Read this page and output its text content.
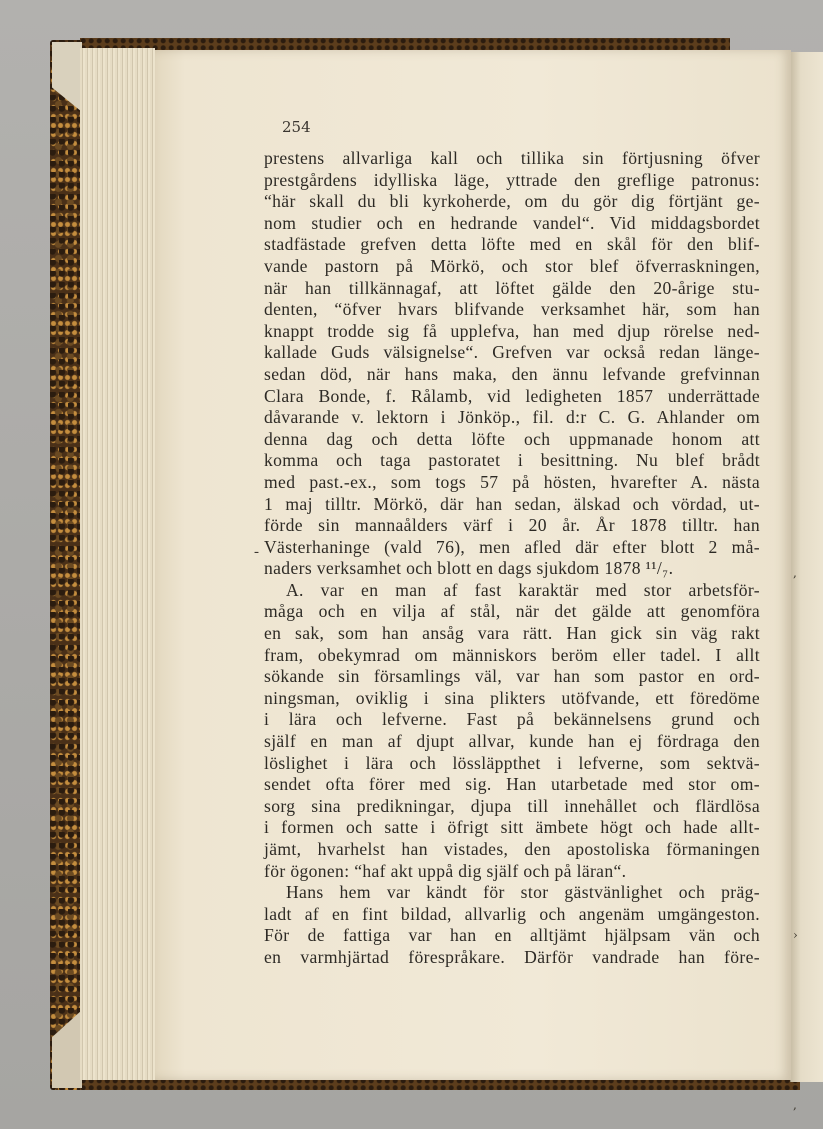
,
›
,
254
-
prestens allvarliga kall och tillika sin förtjusning öfver
prestgårdens idylliska läge, yttrade den greflige patronus:
“här skall du bli kyrkoherde, om du gör dig förtjänt ge-
nom studier och en hedrande vandel“. Vid middagsbordet
stadfästade grefven detta löfte med en skål för den blif-
vande pastorn på Mörkö, och stor blef öfverraskningen,
när han tillkännagaf, att löftet gälde den 20-årige stu-
denten, “öfver hvars blifvande verksamhet här, som han
knappt trodde sig få upplefva, han med djup rörelse ned-
kallade Guds välsignelse“. Grefven var också redan länge-
sedan död, när hans maka, den ännu lefvande grefvinnan
Clara Bonde, f. Rålamb, vid ledigheten 1857 underrättade
dåvarande v. lektorn i Jönköp., fil. d:r C. G. Ahlander om
denna dag och detta löfte och uppmanade honom att
komma och taga pastoratet i besittning. Nu blef brådt
med past.-ex., som togs 57 på hösten, hvarefter A. nästa
1 maj tilltr. Mörkö, där han sedan, älskad och vördad, ut-
förde sin mannaålders värf i 20 år. År 1878 tilltr. han
Västerhaninge (vald 76), men afled där efter blott 2 må-
naders verksamhet och blott en dags sjukdom 1878 ¹¹/₇.
A. var en man af fast karaktär med stor arbetsför-
måga och en vilja af stål, när det gälde att genomföra
en sak, som han ansåg vara rätt. Han gick sin väg rakt
fram, obekymrad om människors beröm eller tadel. I allt
sökande sin församlings väl, var han som pastor en ord-
ningsman, oviklig i sina plikters utöfvande, ett föredöme
i lära och lefverne. Fast på bekännelsens grund och
själf en man af djupt allvar, kunde han ej fördraga den
löslighet i lära och lössläppthet i lefverne, som sektvä-
sendet ofta förer med sig. Han utarbetade med stor om-
sorg sina predikningar, djupa till innehållet och flärdlösa
i formen och satte i öfrigt sitt ämbete högt och hade allt-
jämt, hvarhelst han vistades, den apostoliska förmaningen
för ögonen: “haf akt uppå dig själf och på läran“.
Hans hem var kändt för stor gästvänlighet och präg-
ladt af en fint bildad, allvarlig och angenäm umgängeston.
För de fattiga var han en alltjämt hjälpsam vän och
en varmhjärtad förespråkare. Därför vandrade han före-
